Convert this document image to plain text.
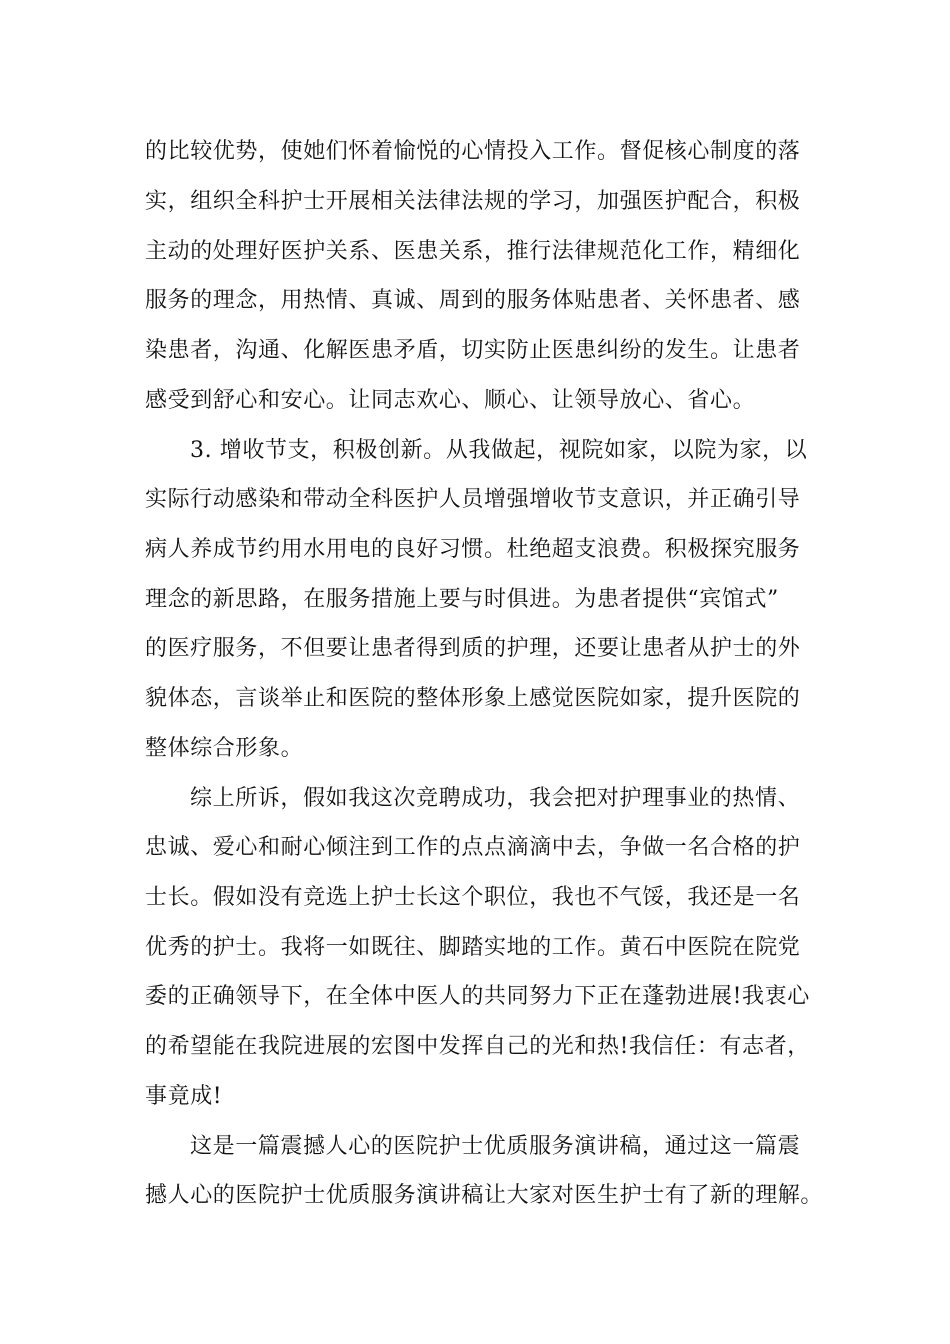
的比较优势，使她们怀着愉悦的心情投入工作。督促核心制度的落
实，组织全科护士开展相关法律法规的学习，加强医护配合，积极
主动的处理好医护关系、医患关系，推行法律规范化工作，精细化
服务的理念，用热情、真诚、周到的服务体贴患者、关怀患者、感
染患者，沟通、化解医患矛盾，切实防止医患纠纷的发生。让患者
感受到舒心和安心。让同志欢心、顺心、让领导放心、省心。
3. 增收节支，积极创新。从我做起，视院如家，以院为家，以
实际行动感染和带动全科医护人员增强增收节支意识，并正确引导
病人养成节约用水用电的良好习惯。杜绝超支浪费。积极探究服务
理念的新思路，在服务措施上要与时俱进。为患者提供“宾馆式”
的医疗服务，不但要让患者得到质的护理，还要让患者从护士的外
貌体态，言谈举止和医院的整体形象上感觉医院如家，提升医院的
整体综合形象。
综上所诉，假如我这次竞聘成功，我会把对护理事业的热情、
忠诚、爱心和耐心倾注到工作的点点滴滴中去，争做一名合格的护
士长。假如没有竞选上护士长这个职位，我也不气馁，我还是一名
优秀的护士。我将一如既往、脚踏实地的工作。黄石中医院在院党
委的正确领导下，在全体中医人的共同努力下正在蓬勃进展!我衷心
的希望能在我院进展的宏图中发挥自己的光和热!我信任：有志者，
事竟成!
这是一篇震撼人心的医院护士优质服务演讲稿，通过这一篇震
撼人心的医院护士优质服务演讲稿让大家对医生护士有了新的理解。
